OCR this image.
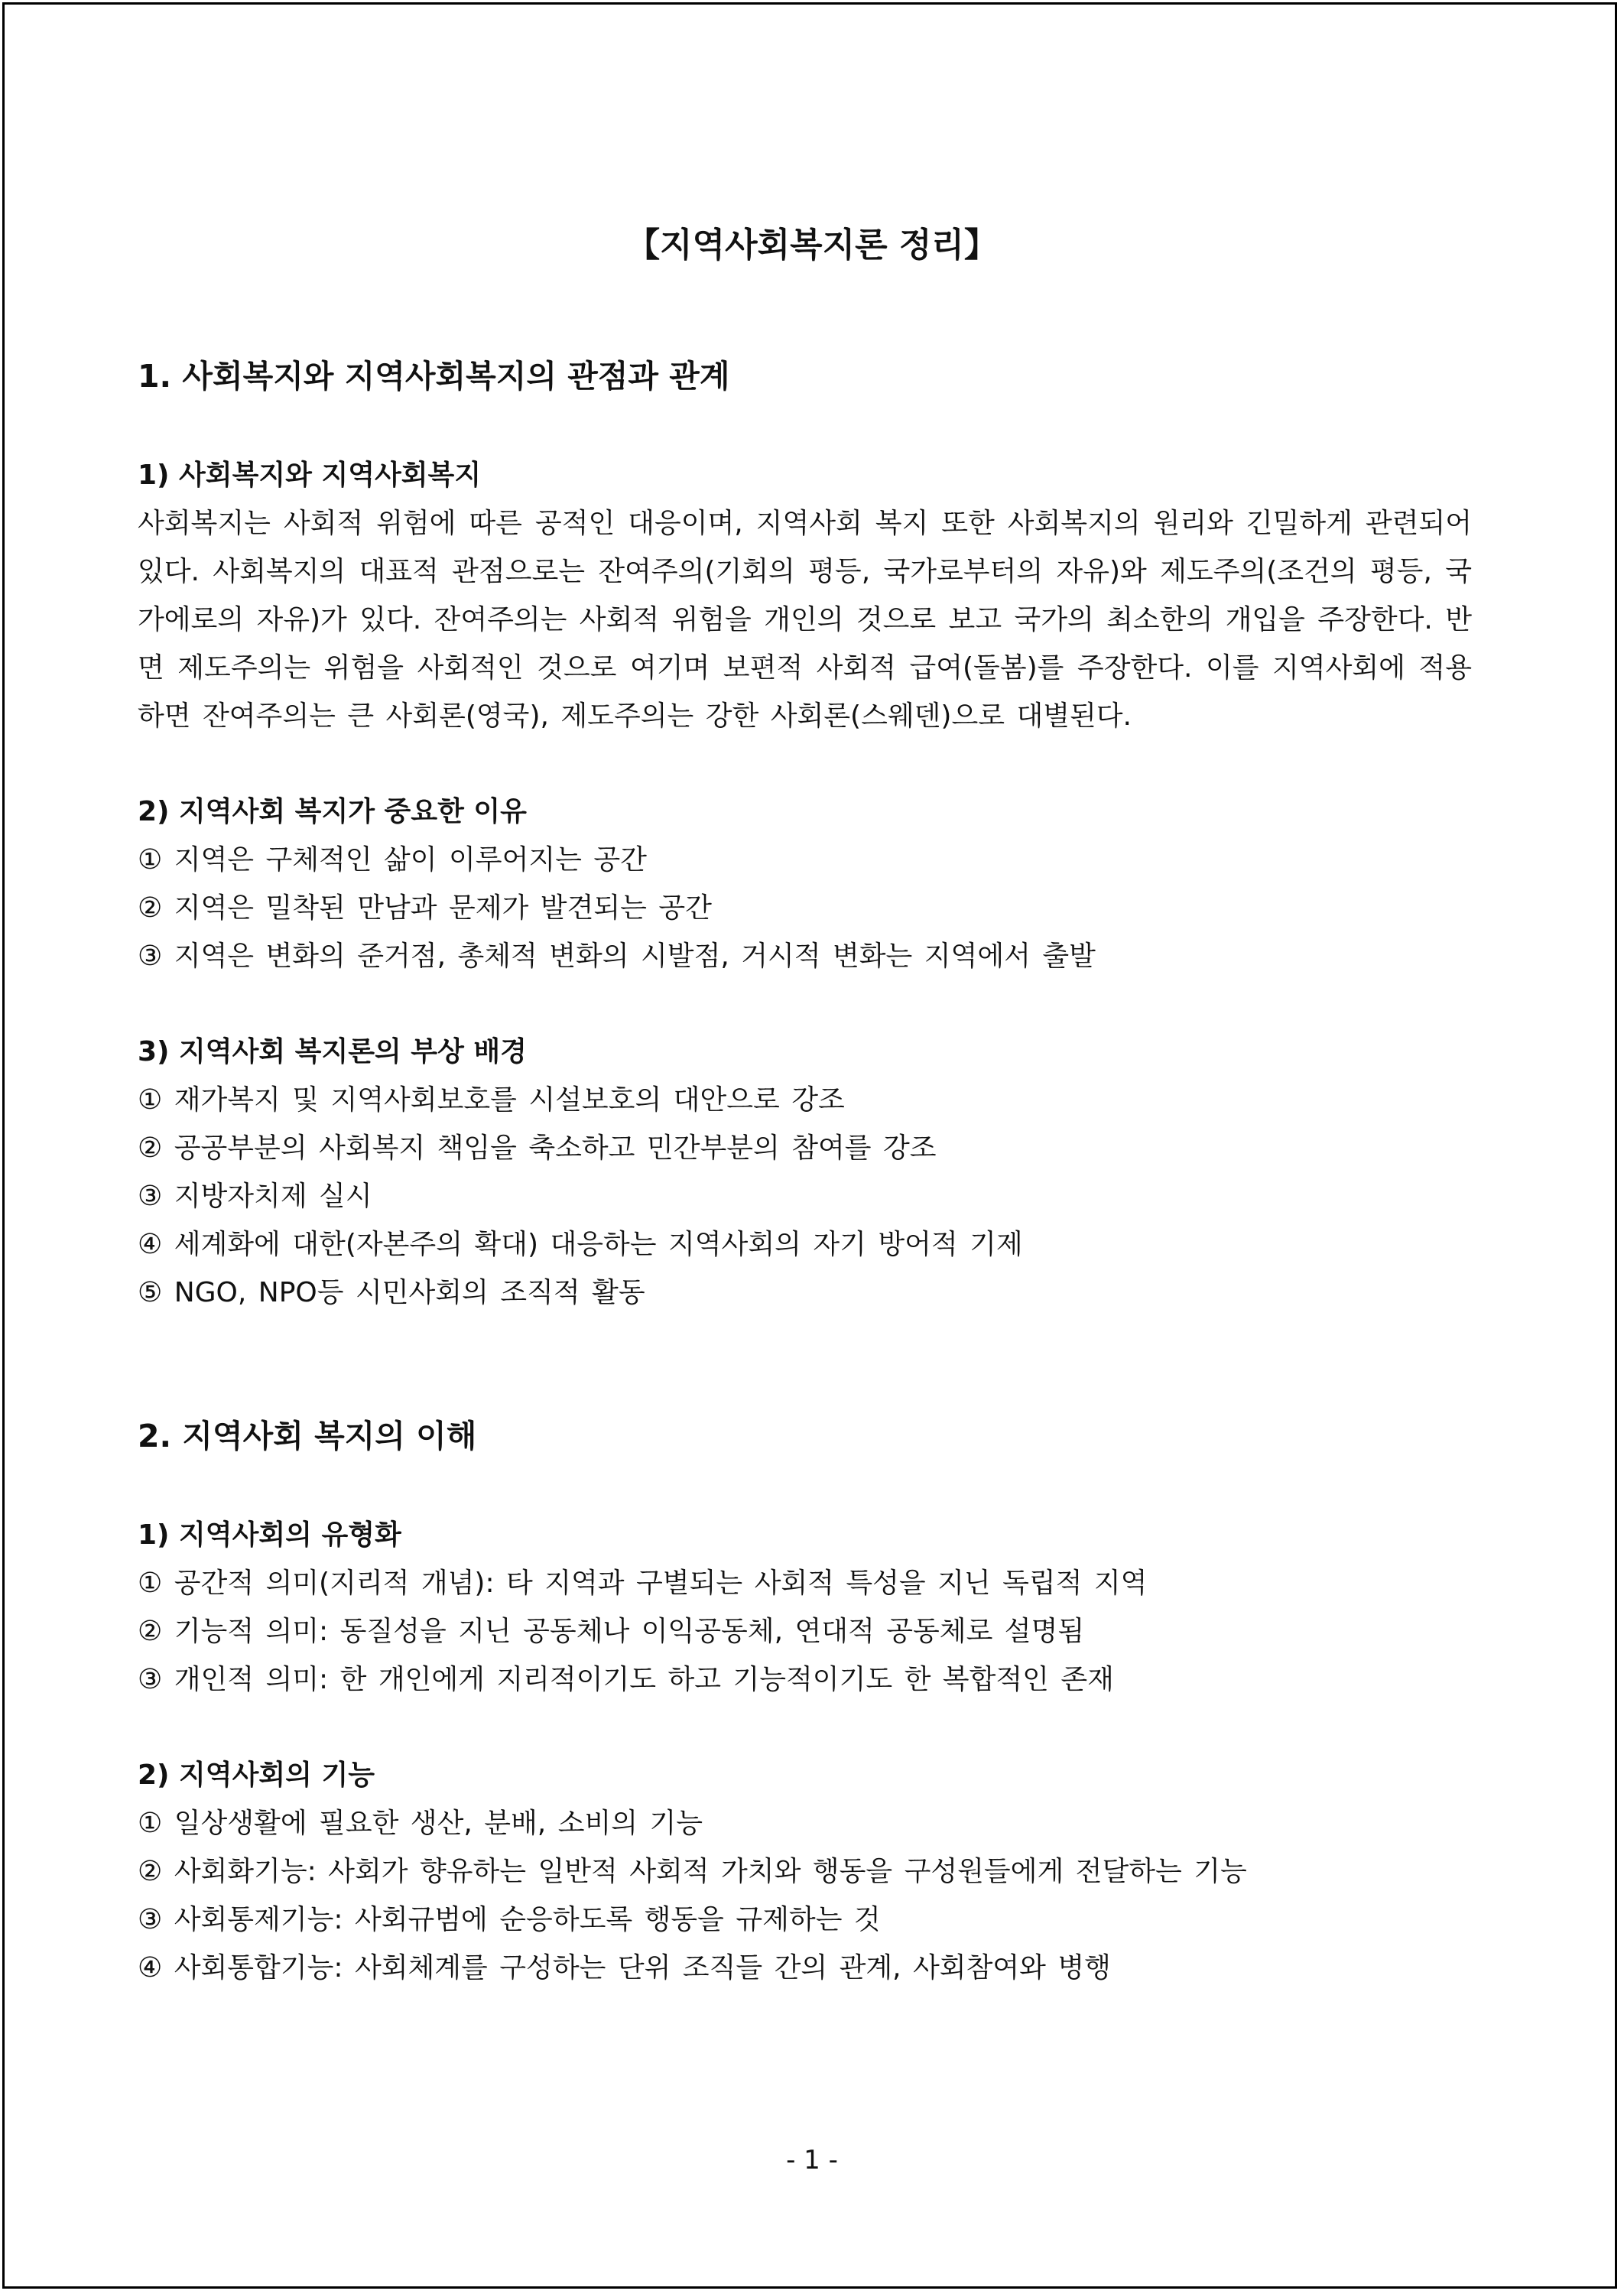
【지역사회복지론 정리】
1. 사회복지와 지역사회복지의 관점과 관계
1) 사회복지와 지역사회복지

사회복지는 사회적 위험에 따른 공적인 대응이며, 지역사회 복지 또한 사회복지의 원리와 긴밀하게 관련되어 있다. 사회복지의 대표적 관점으로는 잔여주의(기회의 평등, 국가로부터의 자유)와 제도주의(조건의 평등, 국가에로의 자유)가 있다. 잔여주의는 사회적 위험을 개인의 것으로 보고 국가의 최소한의 개입을 주장한다. 반면 제도주의는 위험을 사회적인 것으로 여기며 보편적 사회적 급여(돌봄)를 주장한다. 이를 지역사회에 적용하면 잔여주의는 큰 사회론(영국), 제도주의는 강한 사회론(스웨덴)으로 대별된다.

2) 지역사회 복지가 중요한 이유
① 지역은 구체적인 삶이 이루어지는 공간
② 지역은 밀착된 만남과 문제가 발견되는 공간
③ 지역은 변화의 준거점, 총체적 변화의 시발점, 거시적 변화는 지역에서 출발
3) 지역사회 복지론의 부상 배경
① 재가복지 및 지역사회보호를 시설보호의 대안으로 강조
② 공공부분의 사회복지 책임을 축소하고 민간부분의 참여를 강조
③ 지방자치제 실시
④ 세계화에 대한(자본주의 확대) 대응하는 지역사회의 자기 방어적 기제
⑤ NGO, NPO등 시민사회의 조직적 활동
2. 지역사회 복지의 이해
1) 지역사회의 유형화
① 공간적 의미(지리적 개념): 타 지역과 구별되는 사회적 특성을 지닌 독립적 지역
② 기능적 의미: 동질성을 지닌 공동체나 이익공동체, 연대적 공동체로 설명됨
③ 개인적 의미: 한 개인에게 지리적이기도 하고 기능적이기도 한 복합적인 존재
2) 지역사회의 기능
① 일상생활에 필요한 생산, 분배, 소비의 기능
② 사회화기능: 사회가 향유하는 일반적 사회적 가치와 행동을 구성원들에게 전달하는 기능
③ 사회통제기능: 사회규범에 순응하도록 행동을 규제하는 것
④ 사회통합기능: 사회체계를 구성하는 단위 조직들 간의 관계, 사회참여와 병행
- 1 -
